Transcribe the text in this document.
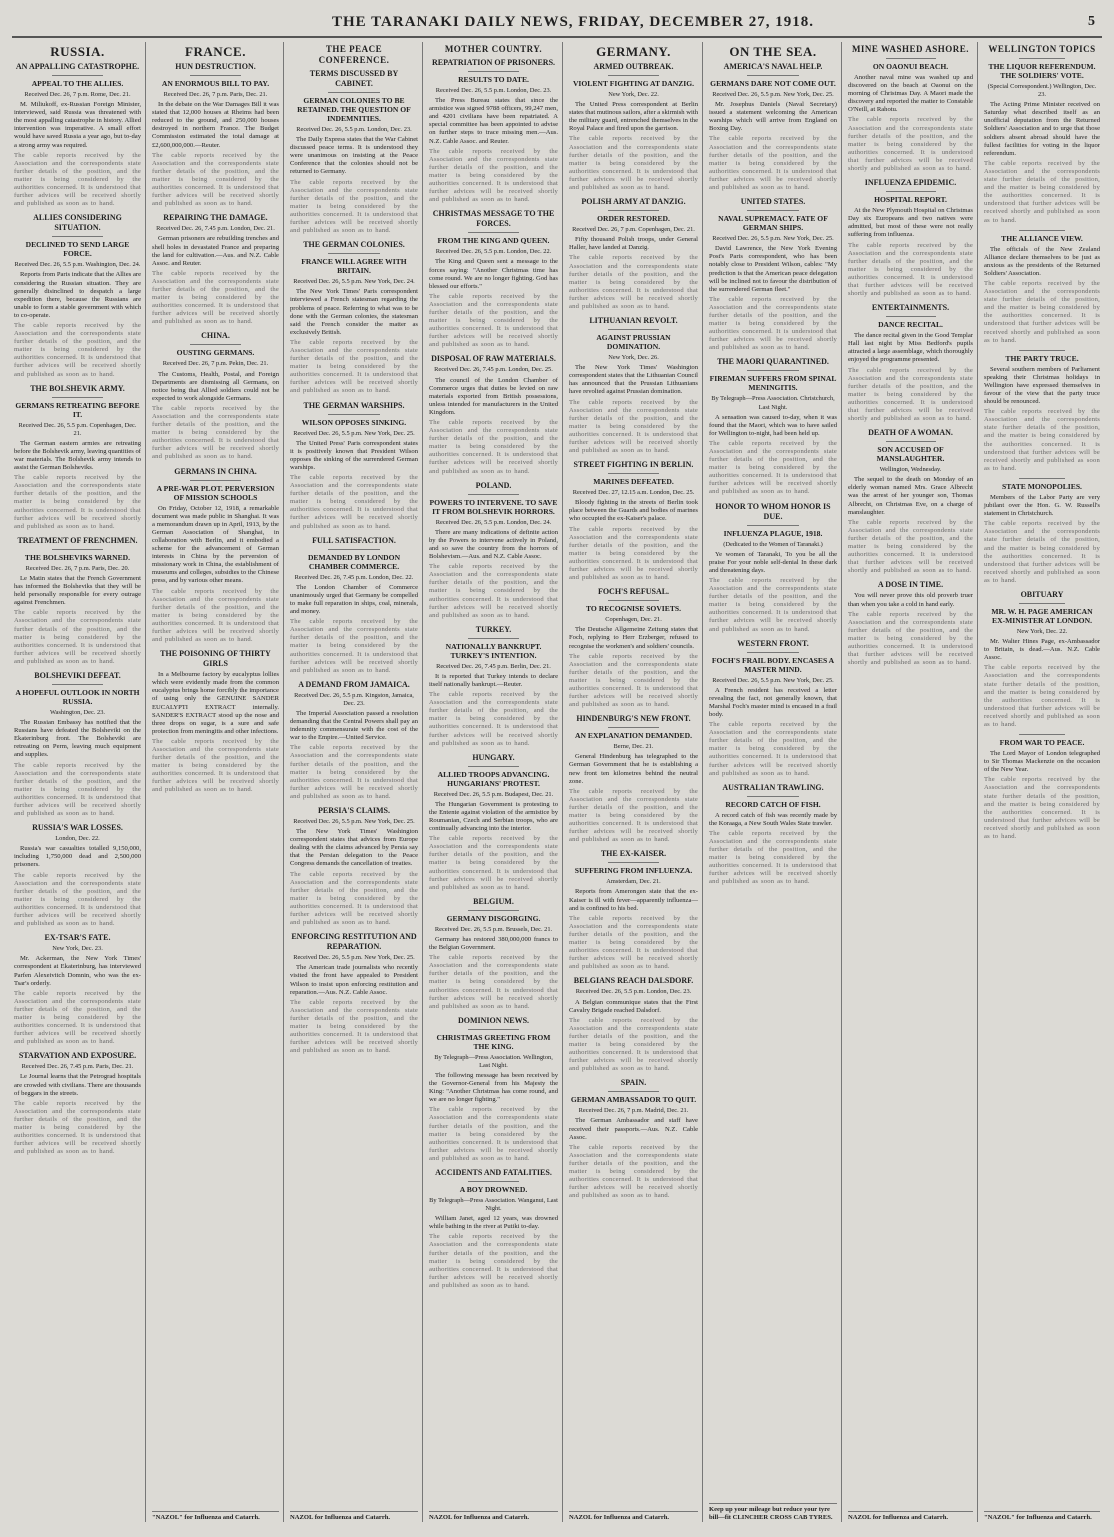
THE TARANAKI DAILY NEWS, FRIDAY, DECEMBER 27, 1918.	5
RUSSIA.
AN APPALLING CATASTROPHE.
APPEAL TO THE ALLIES.
Received Dec. 26, 7 p.m. Rome, Dec. 21.

M. Miliukoff, ex-Russian Foreign Minister, interviewed, said Russia was threatened with the most appalling catastrophe in history. Allied intervention was imperative. A small effort would have saved Russia a year ago, but to-day a strong army was required.

The cable reports received by the Association and the correspondents state further details of the position, and the matter is being considered by the authorities concerned. It is understood that further advices will be received shortly and published as soon as to hand.
ALLIES CONSIDERING SITUATION.
DECLINED TO SEND LARGE FORCE.
Received Dec. 26, 5.5 p.m. Washington, Dec. 24.

Reports from Paris indicate that the Allies are considering the Russian situation. They are generally disinclined to despatch a large expedition there, because the Russians are unable to form a stable government with which to co-operate.

The cable reports received by the Association and the correspondents state further details of the position, and the matter is being considered by the authorities concerned. It is understood that further advices will be received shortly and published as soon as to hand.
THE BOLSHEVIK ARMY.
GERMANS RETREATING BEFORE IT.
Received Dec. 26, 5.5 p.m. Copenhagen, Dec. 21.

The German eastern armies are retreating before the Bolshevik army, leaving quantities of war materials. The Bolshevik army intends to assist the German Bolsheviks.

The cable reports received by the Association and the correspondents state further details of the position, and the matter is being considered by the authorities concerned. It is understood that further advices will be received shortly and published as soon as to hand.
TREATMENT OF FRENCHMEN.
THE BOLSHEVIKS WARNED.
Received Dec. 26, 7 p.m. Paris, Dec. 20.

Le Matin states that the French Government has informed the Bolsheviks that they will be held personally responsible for every outrage against Frenchmen.

The cable reports received by the Association and the correspondents state further details of the position, and the matter is being considered by the authorities concerned. It is understood that further advices will be received shortly and published as soon as to hand.
BOLSHEVIKI DEFEAT.
A HOPEFUL OUTLOOK IN NORTH RUSSIA.
Washington, Dec. 23.

The Russian Embassy has notified that the Russians have defeated the Bolsheviki on the Ekaterinburg front. The Bolsheviki are retreating on Perm, leaving much equipment and supplies.

The cable reports received by the Association and the correspondents state further details of the position, and the matter is being considered by the authorities concerned. It is understood that further advices will be received shortly and published as soon as to hand.
RUSSIA'S WAR LOSSES.
London, Dec. 22.

Russia's war casualties totalled 9,150,000, including 1,750,000 dead and 2,500,000 prisoners.

The cable reports received by the Association and the correspondents state further details of the position, and the matter is being considered by the authorities concerned. It is understood that further advices will be received shortly and published as soon as to hand.
EX-TSAR'S FATE.
New York, Dec. 23.

Mr. Ackerman, the New York Times' correspondent at Ekaterinburg, has interviewed Parfen Alexeivitch Domnin, who was the ex-Tsar's orderly.

The cable reports received by the Association and the correspondents state further details of the position, and the matter is being considered by the authorities concerned. It is understood that further advices will be received shortly and published as soon as to hand.
STARVATION AND EXPOSURE.
Received Dec. 26, 7.45 p.m. Paris, Dec. 21.

Le Journal learns that the Petrograd hospitals are crowded with civilians. There are thousands of beggars in the streets.

The cable reports received by the Association and the correspondents state further details of the position, and the matter is being considered by the authorities concerned. It is understood that further advices will be received shortly and published as soon as to hand.
FRANCE.
HUN DESTRUCTION.
AN ENORMOUS BILL TO PAY.
Received Dec. 26, 7 p.m. Paris, Dec. 21.

In the debate on the War Damages Bill it was stated that 12,000 houses at Rheims had been reduced to the ground, and 250,000 houses destroyed in northern France. The Budget Commission estimated the total damage at £2,600,000,000.—Reuter.

The cable reports received by the Association and the correspondents state further details of the position, and the matter is being considered by the authorities concerned. It is understood that further advices will be received shortly and published as soon as to hand.
REPAIRING THE DAMAGE.
Received Dec. 26, 7.45 p.m. London, Dec. 21.

German prisoners are rebuilding trenches and shell holes in devastated France and preparing the land for cultivation.—Aus. and N.Z. Cable Assoc. and Reuter.

The cable reports received by the Association and the correspondents state further details of the position, and the matter is being considered by the authorities concerned. It is understood that further advices will be received shortly and published as soon as to hand.
CHINA.
OUSTING GERMANS.
Received Dec. 26, 7 p.m. Pekin, Dec. 21.

The Customs, Health, Postal, and Foreign Departments are dismissing all Germans, on notice being that Allied soldiers could not be expected to work alongside Germans.

The cable reports received by the Association and the correspondents state further details of the position, and the matter is being considered by the authorities concerned. It is understood that further advices will be received shortly and published as soon as to hand.
GERMANS IN CHINA.
A PRE-WAR PLOT. PERVERSION OF MISSION SCHOOLS

On Friday, October 12, 1918, a remarkable document was made public in Shanghai. It was a memorandum drawn up in April, 1913, by the German Association of Shanghai, in collaboration with Berlin, and it embodied a scheme for the advancement of German interests in China by the perversion of missionary work in China, the establishment of museums and colleges, subsidies to the Chinese press, and by various other means.

The cable reports received by the Association and the correspondents state further details of the position, and the matter is being considered by the authorities concerned. It is understood that further advices will be received shortly and published as soon as to hand.
THE POISONING OF THIRTY GIRLS

In a Melbourne factory by eucalyptus lollies which were evidently made from the common eucalyptus brings home forcibly the importance of using only the GENUINE SANDER EUCALYPTI EXTRACT internally. SANDER'S EXTRACT stood up the nose and three drops on sugar, is a sure and safe protection from meningitis and other infections.

The cable reports received by the Association and the correspondents state further details of the position, and the matter is being considered by the authorities concerned. It is understood that further advices will be received shortly and published as soon as to hand.
"NAZOL" for Influenza and Catarrh.
THE PEACE CONFERENCE.
TERMS DISCUSSED BY CABINET.
GERMAN COLONIES TO BE RETAINED. THE QUESTION OF INDEMNITIES.
Received Dec. 26, 5.5 p.m. London, Dec. 23.

The Daily Express states that the War Cabinet discussed peace terms. It is understood they were unanimous on insisting at the Peace Conference that the colonies should not be returned to Germany.

The cable reports received by the Association and the correspondents state further details of the position, and the matter is being considered by the authorities concerned. It is understood that further advices will be received shortly and published as soon as to hand.
THE GERMAN COLONIES.
FRANCE WILL AGREE WITH BRITAIN.
Received Dec. 26, 5.5 p.m. New York, Dec. 24.

The New York Times' Paris correspondent interviewed a French statesman regarding the problems of peace. Referring to what was to be done with the German colonies, the statesman said the French consider the matter as exclusively British.

The cable reports received by the Association and the correspondents state further details of the position, and the matter is being considered by the authorities concerned. It is understood that further advices will be received shortly and published as soon as to hand.
THE GERMAN WARSHIPS.
WILSON OPPOSES SINKING.
Received Dec. 26, 5.5 p.m. New York, Dec. 25.

The United Press' Paris correspondent states it is positively known that President Wilson opposes the sinking of the surrendered German warships.

The cable reports received by the Association and the correspondents state further details of the position, and the matter is being considered by the authorities concerned. It is understood that further advices will be received shortly and published as soon as to hand.
FULL SATISFACTION.
DEMANDED BY LONDON CHAMBER COMMERCE.
Received Dec. 26, 7.45 p.m. London, Dec. 22.

The London Chamber of Commerce unanimously urged that Germany be compelled to make full reparation in ships, coal, minerals, and money.

The cable reports received by the Association and the correspondents state further details of the position, and the matter is being considered by the authorities concerned. It is understood that further advices will be received shortly and published as soon as to hand.
A DEMAND FROM JAMAICA.
Received Dec. 26, 5.5 p.m. Kingston, Jamaica, Dec. 23.

The Imperial Association passed a resolution demanding that the Central Powers shall pay an indemnity commensurate with the cost of the war to the Empire.—United Service.

The cable reports received by the Association and the correspondents state further details of the position, and the matter is being considered by the authorities concerned. It is understood that further advices will be received shortly and published as soon as to hand.
PERSIA'S CLAIMS.
Received Dec. 26, 5.5 p.m. New York, Dec. 25.

The New York Times' Washington correspondent states that advices from Europe dealing with the claims advanced by Persia say that the Persian delegation to the Peace Congress demands the cancellation of treaties.

The cable reports received by the Association and the correspondents state further details of the position, and the matter is being considered by the authorities concerned. It is understood that further advices will be received shortly and published as soon as to hand.
ENFORCING RESTITUTION AND REPARATION.
Received Dec. 26, 5.5 p.m. New York, Dec. 25.

The American trade journalists who recently visited the front have appealed to President Wilson to insist upon enforcing restitution and reparation.—Aus. N.Z. Cable Assoc.

The cable reports received by the Association and the correspondents state further details of the position, and the matter is being considered by the authorities concerned. It is understood that further advices will be received shortly and published as soon as to hand.
NAZOL for Influenza and Catarrh.
MOTHER COUNTRY.
REPATRIATION OF PRISONERS.
RESULTS TO DATE.
Received Dec. 26, 5.5 p.m. London, Dec. 23.

The Press Bureau states that since the armistice was signed 9788 officers, 99,247 men, and 4201 civilians have been repatriated. A special committee has been appointed to advise on further steps to trace missing men.—Aus. N.Z. Cable Assoc. and Reuter.

The cable reports received by the Association and the correspondents state further details of the position, and the matter is being considered by the authorities concerned. It is understood that further advices will be received shortly and published as soon as to hand.
CHRISTMAS MESSAGE TO THE FORCES.
FROM THE KING AND QUEEN.
Received Dec. 26, 5.5 p.m. London, Dec. 22.

The King and Queen sent a message to the forces saying: "Another Christmas time has come round. We are no longer fighting. God has blessed our efforts."

The cable reports received by the Association and the correspondents state further details of the position, and the matter is being considered by the authorities concerned. It is understood that further advices will be received shortly and published as soon as to hand.
DISPOSAL OF RAW MATERIALS.
Received Dec. 26, 7.45 p.m. London, Dec. 25.

The council of the London Chamber of Commerce urges that duties be levied on raw materials exported from British possessions, unless intended for manufacturers in the United Kingdom.

The cable reports received by the Association and the correspondents state further details of the position, and the matter is being considered by the authorities concerned. It is understood that further advices will be received shortly and published as soon as to hand.
POLAND.
POWERS TO INTERVENE. TO SAVE IT FROM BOLSHEVIK HORRORS.
Received Dec. 26, 5.5 p.m. London, Dec. 24.

There are many indications of definite action by the Powers to intervene actively in Poland, and so save the country from the horrors of Bolshevism.—Aus. and N.Z. Cable Assoc.

The cable reports received by the Association and the correspondents state further details of the position, and the matter is being considered by the authorities concerned. It is understood that further advices will be received shortly and published as soon as to hand.
TURKEY.
NATIONALLY BANKRUPT. TURKEY'S INTENTION.
Received Dec. 26, 7.45 p.m. Berlin, Dec. 21.

It is reported that Turkey intends to declare itself nationally bankrupt.—Reuter.

The cable reports received by the Association and the correspondents state further details of the position, and the matter is being considered by the authorities concerned. It is understood that further advices will be received shortly and published as soon as to hand.
HUNGARY.
ALLIED TROOPS ADVANCING. HUNGARIANS' PROTEST.
Received Dec. 26, 5.5 p.m. Budapest, Dec. 21.

The Hungarian Government is protesting to the Entente against violation of the armistice by Roumanian, Czech and Serbian troops, who are continually advancing into the interior.

The cable reports received by the Association and the correspondents state further details of the position, and the matter is being considered by the authorities concerned. It is understood that further advices will be received shortly and published as soon as to hand.
BELGIUM.
GERMANY DISGORGING.
Received Dec. 26, 5.5 p.m. Brussels, Dec. 21.

Germany has restored 380,000,000 francs to the Belgian Government.

The cable reports received by the Association and the correspondents state further details of the position, and the matter is being considered by the authorities concerned. It is understood that further advices will be received shortly and published as soon as to hand.
DOMINION NEWS.
CHRISTMAS GREETING FROM THE KING.
By Telegraph—Press Association. Wellington, Last Night.

The following message has been received by the Governor-General from his Majesty the King: "Another Christmas has come round, and we are no longer fighting."

The cable reports received by the Association and the correspondents state further details of the position, and the matter is being considered by the authorities concerned. It is understood that further advices will be received shortly and published as soon as to hand.
ACCIDENTS AND FATALITIES.
A BOY DROWNED.
By Telegraph—Press Association. Wanganui, Last Night.

William Janet, aged 12 years, was drowned while bathing in the river at Putiki to-day.

The cable reports received by the Association and the correspondents state further details of the position, and the matter is being considered by the authorities concerned. It is understood that further advices will be received shortly and published as soon as to hand.
NAZOL for Influenza and Catarrh.
GERMANY.
ARMED OUTBREAK.
VIOLENT FIGHTING AT DANZIG.
New York, Dec. 22.

The United Press correspondent at Berlin states that mutinous sailors, after a skirmish with the military guard, entrenched themselves in the Royal Palace and fired upon the garrison.

The cable reports received by the Association and the correspondents state further details of the position, and the matter is being considered by the authorities concerned. It is understood that further advices will be received shortly and published as soon as to hand.
POLISH ARMY AT DANZIG.
ORDER RESTORED.
Received Dec. 26, 7 p.m. Copenhagen, Dec. 21.

Fifty thousand Polish troops, under General Haller, have landed at Danzig.

The cable reports received by the Association and the correspondents state further details of the position, and the matter is being considered by the authorities concerned. It is understood that further advices will be received shortly and published as soon as to hand.
LITHUANIAN REVOLT.
AGAINST PRUSSIAN DOMINATION.
New York, Dec. 26.

The New York Times' Washington correspondent states that the Lithuanian Council has announced that the Prussian Lithuanians have revolted against Prussian domination.

The cable reports received by the Association and the correspondents state further details of the position, and the matter is being considered by the authorities concerned. It is understood that further advices will be received shortly and published as soon as to hand.
STREET FIGHTING IN BERLIN.
MARINES DEFEATED.
Received Dec. 27, 12.15 a.m. London, Dec. 25.

Bloody fighting in the streets of Berlin took place between the Guards and bodies of marines who occupied the ex-Kaiser's palace.

The cable reports received by the Association and the correspondents state further details of the position, and the matter is being considered by the authorities concerned. It is understood that further advices will be received shortly and published as soon as to hand.
FOCH'S REFUSAL.
TO RECOGNISE SOVIETS.
Copenhagen, Dec. 21.

The Deutsche Allgemeine Zeitung states that Foch, replying to Herr Erzberger, refused to recognise the workmen's and soldiers' councils.

The cable reports received by the Association and the correspondents state further details of the position, and the matter is being considered by the authorities concerned. It is understood that further advices will be received shortly and published as soon as to hand.
HINDENBURG'S NEW FRONT.
AN EXPLANATION DEMANDED.
Berne, Dec. 21.

General Hindenburg has telegraphed to the German Government that he is establishing a new front ten kilometres behind the neutral zone.

The cable reports received by the Association and the correspondents state further details of the position, and the matter is being considered by the authorities concerned. It is understood that further advices will be received shortly and published as soon as to hand.
THE EX-KAISER.
SUFFERING FROM INFLUENZA.
Amsterdam, Dec. 21.

Reports from Amerongen state that the ex-Kaiser is ill with fever—apparently influenza—and is confined to his bed.

The cable reports received by the Association and the correspondents state further details of the position, and the matter is being considered by the authorities concerned. It is understood that further advices will be received shortly and published as soon as to hand.
BELGIANS REACH DALSDORF.
Received Dec. 26, 5.5 p.m. London, Dec. 23.

A Belgian communique states that the First Cavalry Brigade reached Dalsdorf.

The cable reports received by the Association and the correspondents state further details of the position, and the matter is being considered by the authorities concerned. It is understood that further advices will be received shortly and published as soon as to hand.
SPAIN.
GERMAN AMBASSADOR TO QUIT.
Received Dec. 26, 7 p.m. Madrid, Dec. 21.

The German Ambassador and staff have received their passports.—Aus. N.Z. Cable Assoc.

The cable reports received by the Association and the correspondents state further details of the position, and the matter is being considered by the authorities concerned. It is understood that further advices will be received shortly and published as soon as to hand.
NAZOL for Influenza and Catarrh.
ON THE SEA.
AMERICA'S NAVAL HELP.
GERMANS DARE NOT COME OUT.
Received Dec. 26, 5.5 p.m. New York, Dec. 25.

Mr. Josephus Daniels (Naval Secretary) issued a statement welcoming the American warships which will arrive from England on Boxing Day.

The cable reports received by the Association and the correspondents state further details of the position, and the matter is being considered by the authorities concerned. It is understood that further advices will be received shortly and published as soon as to hand.
UNITED STATES.
NAVAL SUPREMACY. FATE OF GERMAN SHIPS.
Received Dec. 26, 5.5 p.m. New York, Dec. 25.

David Lawrence, the New York Evening Post's Paris correspondent, who has been notably close to President Wilson, cables: "My prediction is that the American peace delegation will be inclined not to favour the distribution of the surrendered German fleet."

The cable reports received by the Association and the correspondents state further details of the position, and the matter is being considered by the authorities concerned. It is understood that further advices will be received shortly and published as soon as to hand.
THE MAORI QUARANTINED.
FIREMAN SUFFERS FROM SPINAL MENINGITIS.
By Telegraph—Press Association. Christchurch, Last Night.

A sensation was caused to-day, when it was found that the Maori, which was to have sailed for Wellington to-night, had been held up.

The cable reports received by the Association and the correspondents state further details of the position, and the matter is being considered by the authorities concerned. It is understood that further advices will be received shortly and published as soon as to hand.
HONOR TO WHOM HONOR IS DUE.
INFLUENZA PLAGUE, 1918.
(Dedicated to the Women of Taranaki.)

Ye women of Taranaki, To you be all the praise For your noble self-denial In these dark and threatening days.

The cable reports received by the Association and the correspondents state further details of the position, and the matter is being considered by the authorities concerned. It is understood that further advices will be received shortly and published as soon as to hand.
WESTERN FRONT.
FOCH'S FRAIL BODY. ENCASES A MASTER MIND.
Received Dec. 26, 5.5 p.m. New York, Dec. 25.

A French resident has received a letter revealing the fact, not generally known, that Marshal Foch's master mind is encased in a frail body.

The cable reports received by the Association and the correspondents state further details of the position, and the matter is being considered by the authorities concerned. It is understood that further advices will be received shortly and published as soon as to hand.
AUSTRALIAN TRAWLING.
RECORD CATCH OF FISH.

A record catch of fish was recently made by the Koraaga, a New South Wales State trawler.

The cable reports received by the Association and the correspondents state further details of the position, and the matter is being considered by the authorities concerned. It is understood that further advices will be received shortly and published as soon as to hand.
Keep up your mileage but reduce your tyre bill—fit CLINCHER CROSS CAB TYRES.
MINE WASHED ASHORE.
ON OAONUI BEACH.

Another naval mine was washed up and discovered on the beach at Oaonui on the morning of Christmas Day. A Maori made the discovery and reported the matter to Constable O'Neill, at Rahotu.

The cable reports received by the Association and the correspondents state further details of the position, and the matter is being considered by the authorities concerned. It is understood that further advices will be received shortly and published as soon as to hand.
INFLUENZA EPIDEMIC.
HOSPITAL REPORT.

At the New Plymouth Hospital on Christmas Day six Europeans and two natives were admitted, but most of these were not really suffering from influenza.

The cable reports received by the Association and the correspondents state further details of the position, and the matter is being considered by the authorities concerned. It is understood that further advices will be received shortly and published as soon as to hand.
ENTERTAINMENTS.
DANCE RECITAL.

The dance recital given in the Good Templar Hall last night by Miss Bedford's pupils attracted a large assemblage, which thoroughly enjoyed the programme presented.

The cable reports received by the Association and the correspondents state further details of the position, and the matter is being considered by the authorities concerned. It is understood that further advices will be received shortly and published as soon as to hand.
DEATH OF A WOMAN.
SON ACCUSED OF MANSLAUGHTER.
Wellington, Wednesday.

The sequel to the death on Monday of an elderly woman named Mrs. Grace Albrecht was the arrest of her younger son, Thomas Albrecht, on Christmas Eve, on a charge of manslaughter.

The cable reports received by the Association and the correspondents state further details of the position, and the matter is being considered by the authorities concerned. It is understood that further advices will be received shortly and published as soon as to hand.
A DOSE IN TIME.

You will never prove this old proverb truer than when you take a cold in hand early.

The cable reports received by the Association and the correspondents state further details of the position, and the matter is being considered by the authorities concerned. It is understood that further advices will be received shortly and published as soon as to hand.
NAZOL for Influenza and Catarrh.
WELLINGTON TOPICS
THE LIQUOR REFERENDUM. THE SOLDIERS' VOTE.
(Special Correspondent.) Wellington, Dec. 23.

The Acting Prime Minister received on Saturday what described itself as an unofficial deputation from the Returned Soldiers' Association and to urge that those soldiers absent abroad should have the fullest facilities for voting in the liquor referendum.

The cable reports received by the Association and the correspondents state further details of the position, and the matter is being considered by the authorities concerned. It is understood that further advices will be received shortly and published as soon as to hand.
THE ALLIANCE VIEW.

The officials of the New Zealand Alliance declare themselves to be just as anxious as the presidents of the Returned Soldiers' Association.

The cable reports received by the Association and the correspondents state further details of the position, and the matter is being considered by the authorities concerned. It is understood that further advices will be received shortly and published as soon as to hand.
THE PARTY TRUCE.

Several southern members of Parliament speaking their Christmas holidays in Wellington have expressed themselves in favour of the view that the party truce should be renounced.

The cable reports received by the Association and the correspondents state further details of the position, and the matter is being considered by the authorities concerned. It is understood that further advices will be received shortly and published as soon as to hand.
STATE MONOPOLIES.

Members of the Labor Party are very jubilant over the Hon. G. W. Russell's statement in Christchurch.

The cable reports received by the Association and the correspondents state further details of the position, and the matter is being considered by the authorities concerned. It is understood that further advices will be received shortly and published as soon as to hand.
OBITUARY
MR. W. H. PAGE AMERICAN EX-MINISTER AT LONDON.
New York, Dec. 22.

Mr. Walter Hines Page, ex-Ambassador to Britain, is dead.—Aus. N.Z. Cable Assoc.

The cable reports received by the Association and the correspondents state further details of the position, and the matter is being considered by the authorities concerned. It is understood that further advices will be received shortly and published as soon as to hand.
FROM WAR TO PEACE.

The Lord Mayor of London telegraphed to Sir Thomas Mackenzie on the occasion of the New Year.

The cable reports received by the Association and the correspondents state further details of the position, and the matter is being considered by the authorities concerned. It is understood that further advices will be received shortly and published as soon as to hand.
"NAZOL" for Influenza and Catarrh.
